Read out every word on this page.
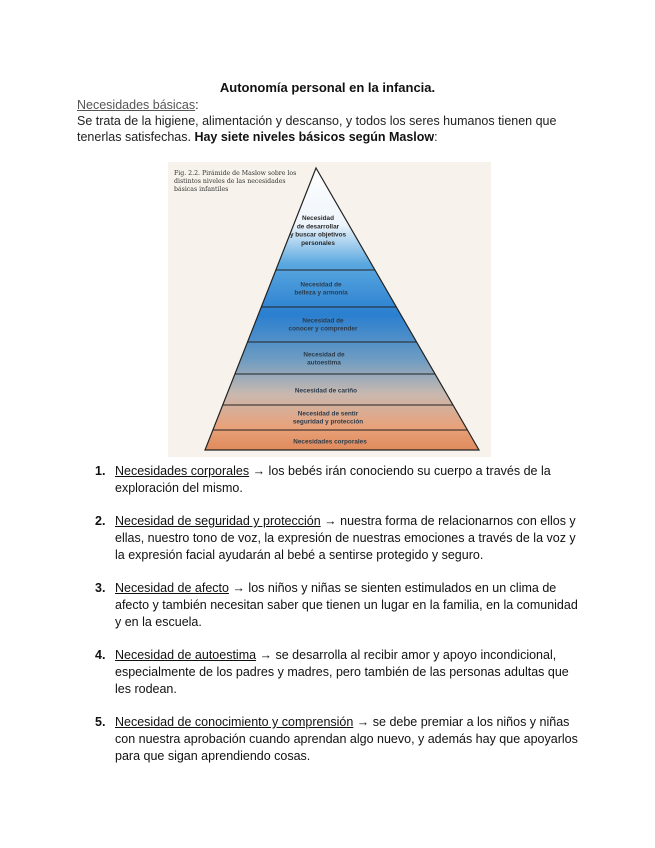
Autonomía personal en la infancia.
Necesidades básicas:
Se trata de la higiene, alimentación y descanso, y todos los seres humanos tienen que tenerlas satisfechas. Hay siete niveles básicos según Maslow:
Necesidad
de desarrollar
y buscar objetivos
personales
Necesidad de
belleza y armonía
Necesidad de
conocer y comprender
Necesidad de
autoestima
Necesidad de cariño
Necesidad de sentir
seguridad y protección
Necesidades corporales
Fig. 2.2. Pirámide de Maslow sobre los
distintos niveles de las necesidades
básicas infantiles
1. Necesidades corporales → los bebés irán conociendo su cuerpo a través de la exploración del mismo.
2. Necesidad de seguridad y protección → nuestra forma de relacionarnos con ellos y ellas, nuestro tono de voz, la expresión de nuestras emociones a través de la voz y la expresión facial ayudarán al bebé a sentirse protegido y seguro.
3. Necesidad de afecto → los niños y niñas se sienten estimulados en un clima de afecto y también necesitan saber que tienen un lugar en la familia, en la comunidad y en la escuela.
4. Necesidad de autoestima → se desarrolla al recibir amor y apoyo incondicional, especialmente de los padres y madres, pero también de las personas adultas que les rodean.
5. Necesidad de conocimiento y comprensión → se debe premiar a los niños y niñas con nuestra aprobación cuando aprendan algo nuevo, y además hay que apoyarlos para que sigan aprendiendo cosas.
